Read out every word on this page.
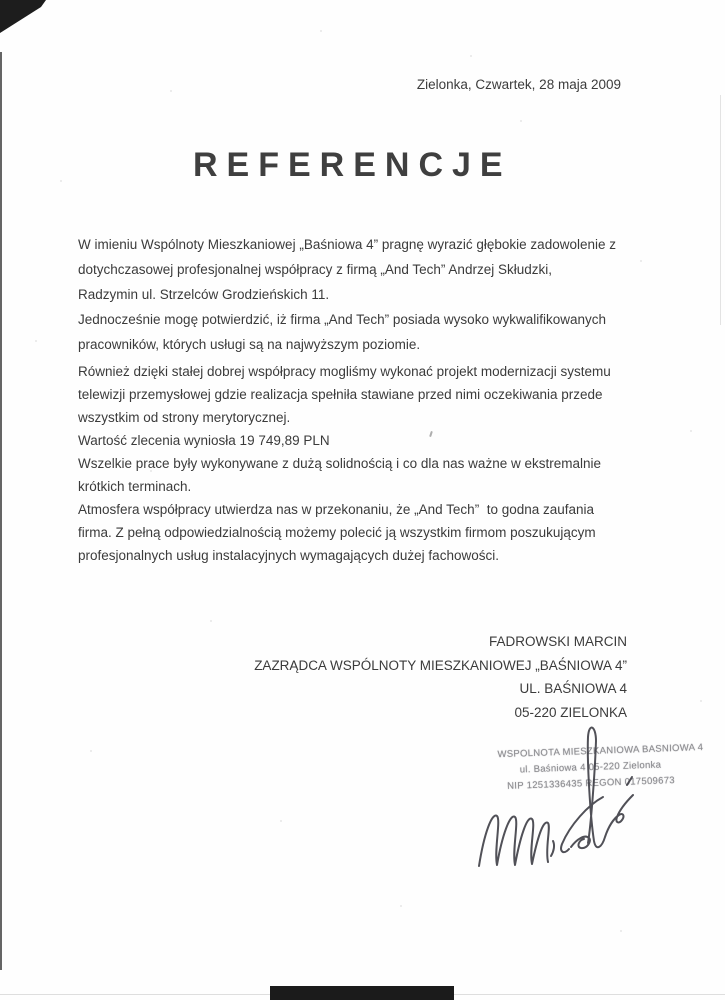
Zielonka, Czwartek, 28 maja 2009
REFERENCJE
W imieniu Wspólnoty Mieszkaniowej „Baśniowa 4” pragnę wyrazić głębokie zadowolenie z
dotychczasowej profesjonalnej współpracy z firmą „And Tech” Andrzej Skłudzki,
Radzymin ul. Strzelców Grodzieńskich 11.
Jednocześnie mogę potwierdzić, iż firma „And Tech” posiada wysoko wykwalifikowanych
pracowników, których usługi są na najwyższym poziomie.
Również dzięki stałej dobrej współpracy mogliśmy wykonać projekt modernizacji systemu
telewizji przemysłowej gdzie realizacja spełniła stawiane przed nimi oczekiwania przede
wszystkim od strony merytorycznej.
Wartość zlecenia wyniosła 19 749,89 PLN
Wszelkie prace były wykonywane z dużą solidnością i co dla nas ważne w ekstremalnie
krótkich terminach.
Atmosfera współpracy utwierdza nas w przekonaniu, że „And Tech”  to godna zaufania
firma. Z pełną odpowiedzialnością możemy polecić ją wszystkim firmom poszukującym
profesjonalnych usług instalacyjnych wymagających dużej fachowości.
FADROWSKI MARCIN
ZAZRĄDCA WSPÓLNOTY MIESZKANIOWEJ „BAŚNIOWA 4”
UL. BAŚNIOWA 4
05-220 ZIELONKA
WSPOLNOTA MIESZKANIOWA BASNIOWA 4
ul. Baśniowa 4 05-220 Zielonka
NIP 1251336435 REGON 017509673
